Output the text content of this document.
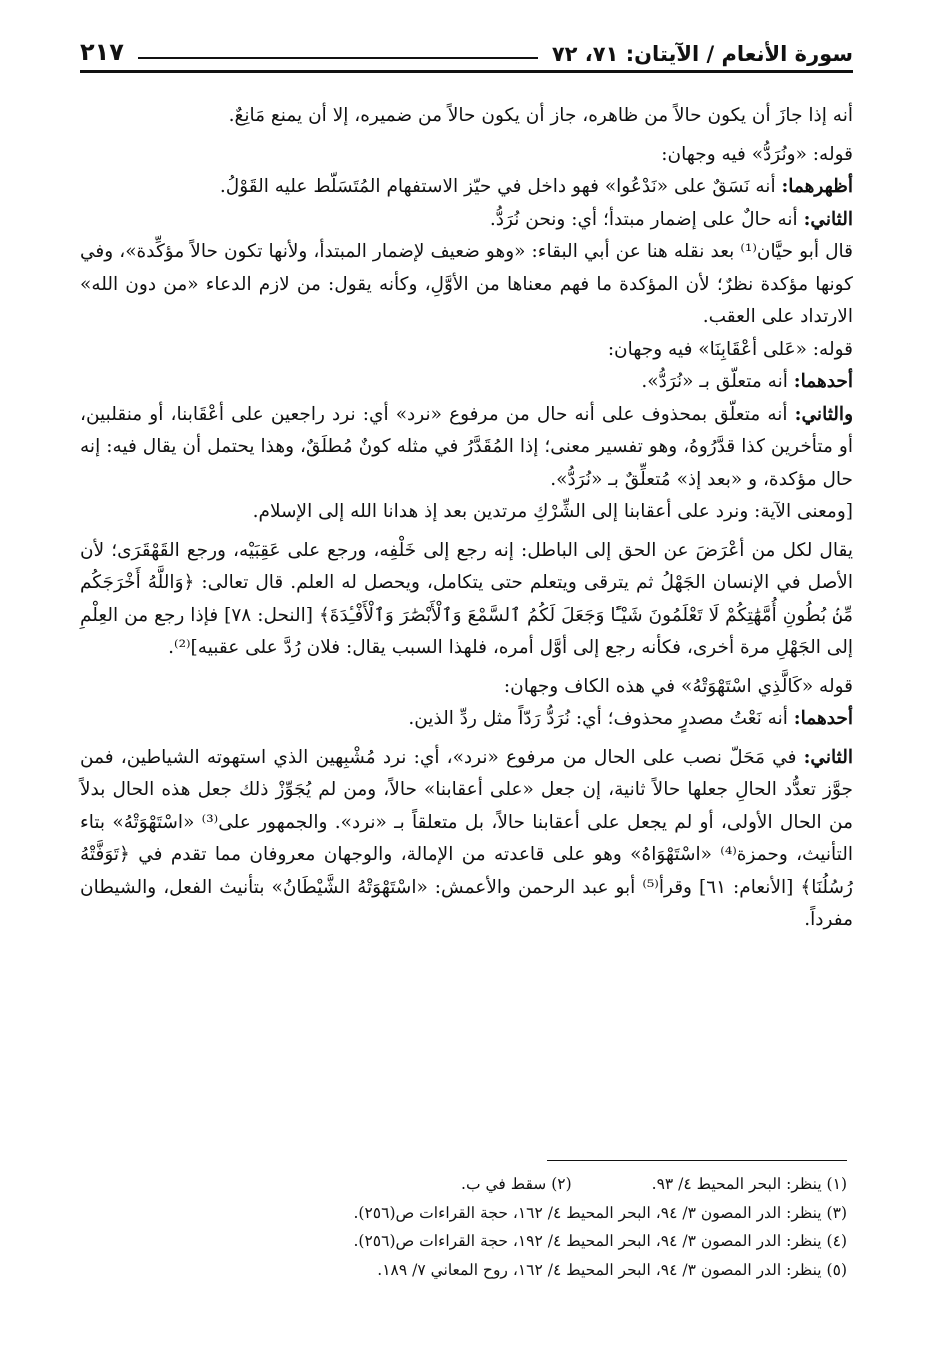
سورة الأنعام / الآيتان: ٧١، ٧٢
٢١٧

أنه إذا جازَ أن يكون حالاً من ظاهره، جاز أن يكون حالاً من ضميره، إلا أن يمنع مَانِعٌ.

قوله: «ونُرَدُّ» فيه وجهان:

أظهرهما: أنه نَسَقٌ على «نَدْعُوا» فهو داخل في حيّز الاستفهام المُتَسَلّط عليه القَوْلُ.

الثاني: أنه حالٌ على إضمار مبتدأ؛ أي: ونحن نُرَدُّ.

قال أبو حيَّان⁽¹⁾ بعد نقله هنا عن أبي البقاء: «وهو ضعيف لإضمار المبتدأ، ولأنها تكون حالاً مؤكِّدة»، وفي كونها مؤكدة نظرٌ؛ لأن المؤكدة ما فهم معناها من الأوَّلِ، وكأنه يقول: من لازم الدعاء «من دون الله» الارتداد على العقب.

قوله: «عَلى أعْقَابِنَا» فيه وجهان:

أحدهما: أنه متعلّق بـ «نُرَدُّ».

والثاني: أنه متعلّق بمحذوف على أنه حال من مرفوع «نرد» أي: نرد راجعين على أعْقَابنا، أو منقلبين، أو متأخرين كذا قدَّرُوهُ، وهو تفسير معنى؛ إذا المُقَدَّرُ في مثله كونٌ مُطلَقٌ، وهذا يحتمل أن يقال فيه: إنه حال مؤكدة، و «بعد إذ» مُتعلِّقٌ بـ «نُرَدُّ».

[ومعنى الآية: ونرد على أعقابنا إلى الشِّرْكِ مرتدين بعد إذ هدانا الله إلى الإسلام.

يقال لكل من أعْرَضَ عن الحق إلى الباطل: إنه رجع إلى خَلْفِه، ورجع على عَقِبَيْه، ورجع القَهْقَرَى؛ لأن الأصل في الإنسان الجَهْلُ ثم يترقى ويتعلم حتى يتكامل، ويحصل له العلم. قال تعالى: ﴿وَاللَّهُ أَخْرَجَكُم مِّنۢ بُطُونِ أُمَّهَٰتِكُمْ لَا تَعْلَمُونَ شَيْـًٔا وَجَعَلَ لَكُمُ ٱلسَّمْعَ وَٱلْأَبْصَٰرَ وَٱلْأَفْـِٔدَةَ﴾ [النحل: ٧٨] فإذا رجع من العِلْمِ إلى الجَهْلِ مرة أخرى، فكأنه رجع إلى أوَّل أمره، فلهذا السبب يقال: فلان رُدَّ على عقبيه]⁽²⁾.

قوله «كَالَّذِي اسْتَهْوَتْهُ» في هذه الكاف وجهان:

أحدهما: أنه نَعْتُ مصدرٍ محذوف؛ أي: نُرَدُّ رَدّاً مثل ردِّ الذين.

الثاني: في مَحَلّ نصب على الحال من مرفوع «نرد»، أي: نرد مُشْبِهين الذي استهوته الشياطين، فمن جوَّز تعدُّد الحالِ جعلها حالاً ثانية، إن جعل «على أعقابنا» حالاً، ومن لم يُجَوِّزْ ذلك جعل هذه الحال بدلاً من الحال الأولى، أو لم يجعل على أعقابنا حالاً، بل متعلقاً بـ «نرد». والجمهور على⁽³⁾ «اسْتَهْوَتْهُ» بتاء التأنيث، وحمزة⁽⁴⁾ «اسْتَهْوَاهُ» وهو على قاعدته من الإمالة، والوجهان معروفان مما تقدم في ﴿تَوَفَّتْهُ رُسُلُنَا﴾ [الأنعام: ٦١] وقرأ⁽⁵⁾ أبو عبد الرحمن والأعمش: «اسْتَهْوَتْهُ الشَّيْطَانُ» بتأنيث الفعل، والشيطان مفرداً.

(١) ينظر: البحر المحيط ٤/ ٩٣.

(٢) سقط في ب.

(٣) ينظر: الدر المصون ٣/ ٩٤، البحر المحيط ٤/ ١٦٢، حجة القراءات ص(٢٥٦).

(٤) ينظر: الدر المصون ٣/ ٩٤، البحر المحيط ٤/ ١٩٢، حجة القراءات ص(٢٥٦).

(٥) ينظر: الدر المصون ٣/ ٩٤، البحر المحيط ٤/ ١٦٢، روح المعاني ٧/ ١٨٩.
